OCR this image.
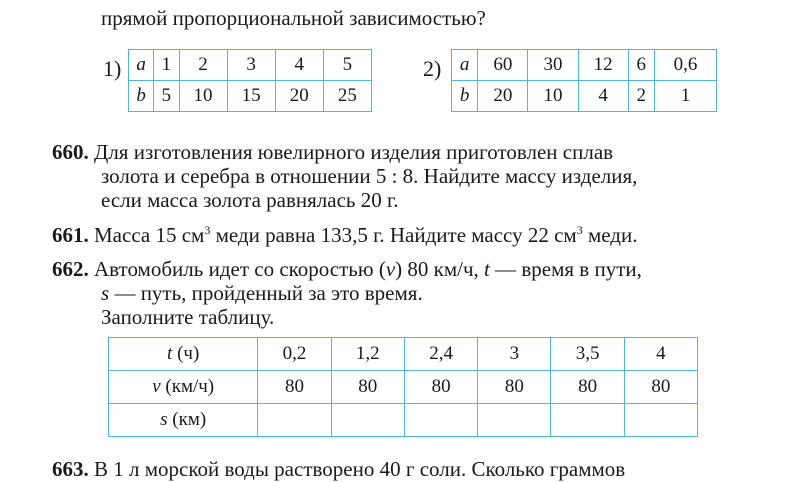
прямой пропорциональной зависимостью?
1) a	1	2	3	4	5
b	5	10	15	20	25
2) a	60	30	12	6	0,6
b	20	10	4	2	1
660. Для изготовления ювелирного изделия приготовлен сплав
золота и серебра в отношении 5 : 8. Найдите массу изделия,
если масса золота равнялась 20 г.
661. Масса 15 $см^3$ меди равна 133,5 г. Найдите массу 22 $см^3$ меди.
662. Автомобиль идет со скоростью (v) 80 км/ч, t — время в пути,
s — путь, пройденный за это время.
Заполните таблицу.
t (ч)	0,2	1,2	2,4	3	3,5	4
v (км/ч)	80	80	80	80	80	80
s (км)						
663. В 1 л морской воды растворено 40 г соли. Сколько граммов
